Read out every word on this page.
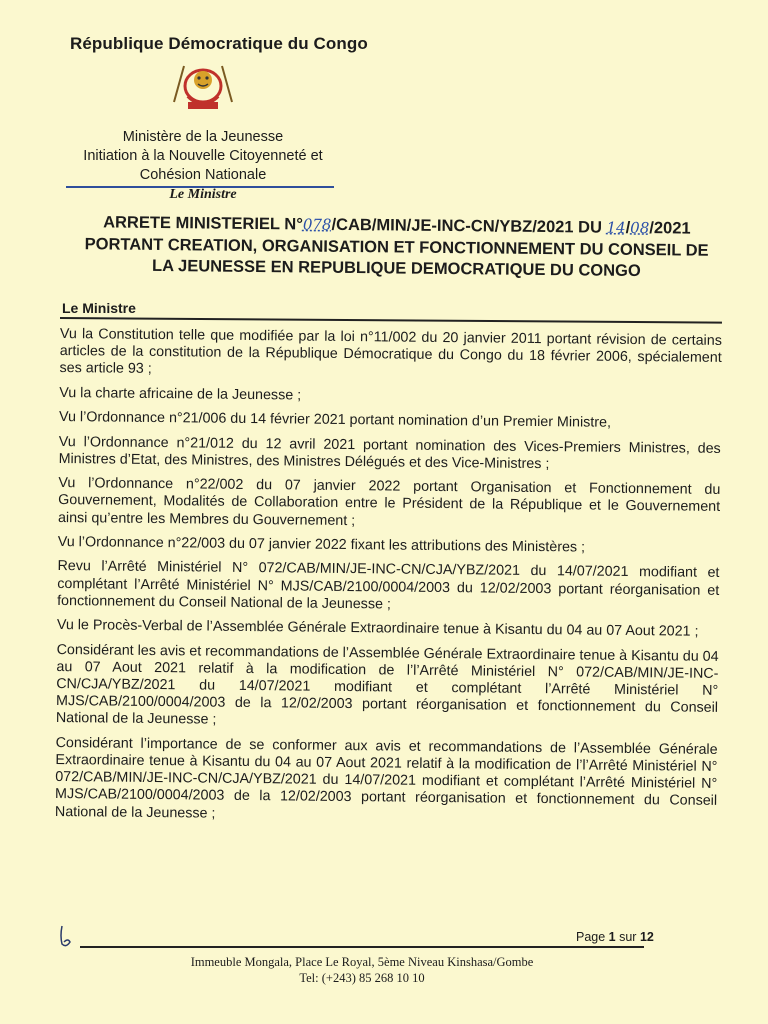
République Démocratique du Congo
Ministère de la Jeunesse
Initiation à la Nouvelle Citoyenneté et
Cohésion Nationale
Le Ministre
ARRETE MINISTERIEL N°078/CAB/MIN/JE-INC-CN/YBZ/2021 DU 14/08/2021
PORTANT CREATION, ORGANISATION ET FONCTIONNEMENT DU CONSEIL DE
LA JEUNESSE EN REPUBLIQUE DEMOCRATIQUE DU CONGO
Le Ministre

Vu la Constitution telle que modifiée par la loi n°11/002 du 20 janvier 2011 portant révision de certains articles de la constitution de la République Démocratique du Congo du 18 février 2006, spécialement ses article 93 ;

Vu la charte africaine de la Jeunesse ;

Vu l’Ordonnance n°21/006 du 14 février 2021 portant nomination d’un Premier Ministre,

Vu l’Ordonnance n°21/012 du 12 avril 2021 portant nomination des Vices-Premiers Ministres, des Ministres d’Etat, des Ministres, des Ministres Délégués et des Vice-Ministres ;

Vu l’Ordonnance n°22/002 du 07 janvier 2022 portant Organisation et Fonctionnement du Gouvernement, Modalités de Collaboration entre le Président de la République et le Gouvernement ainsi qu’entre les Membres du Gouvernement ;

Vu l’Ordonnance n°22/003 du 07 janvier 2022 fixant les attributions des Ministères ;

Revu l’Arrêté Ministériel N° 072/CAB/MIN/JE-INC-CN/CJA/YBZ/2021 du 14/07/2021 modifiant et complétant l’Arrêté Ministériel N° MJS/CAB/2100/0004/2003 du 12/02/2003 portant réorganisation et fonctionnement du Conseil National de la Jeunesse ;

Vu le Procès-Verbal de l’Assemblée Générale Extraordinaire tenue à Kisantu du 04 au 07 Aout 2021 ;

Considérant les avis et recommandations de l’Assemblée Générale Extraordinaire tenue à Kisantu du 04 au 07 Aout 2021 relatif à la modification de l’l’Arrêté Ministériel N° 072/CAB/MIN/JE-INC-CN/CJA/YBZ/2021 du 14/07/2021 modifiant et complétant l’Arrêté Ministériel N° MJS/CAB/2100/0004/2003 de la 12/02/2003 portant réorganisation et fonctionnement du Conseil National de la Jeunesse ;

Considérant l’importance de se conformer aux avis et recommandations de l’Assemblée Générale Extraordinaire tenue à Kisantu du 04 au 07 Aout 2021 relatif à la modification de l’l’Arrêté Ministériel N° 072/CAB/MIN/JE-INC-CN/CJA/YBZ/2021 du 14/07/2021 modifiant et complétant l’Arrêté Ministériel N° MJS/CAB/2100/0004/2003 de la 12/02/2003 portant réorganisation et fonctionnement du Conseil National de la Jeunesse ;

Page 1 sur 12
Immeuble Mongala, Place Le Royal, 5ème Niveau Kinshasa/Gombe
Tel: (+243) 85 268 10 10
